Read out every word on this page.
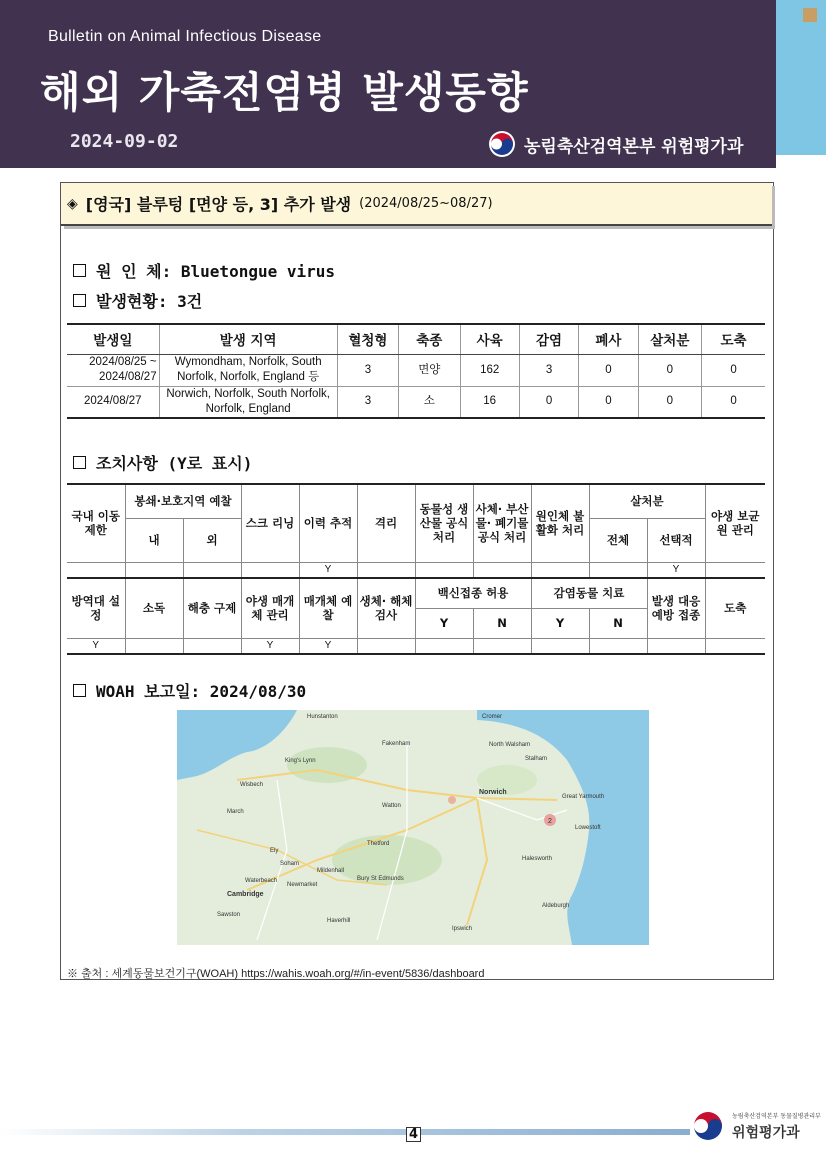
Bulletin on Animal Infectious Disease
해외 가축전염병 발생동향
2024-09-02	농림축산검역본부 위험평가과
◈ [영국] 블루텅 [면양 등, 3] 추가 발생 (2024/08/25~08/27)
원 인 체: Bluetongue virus
발생현황: 3건
발생일	발생 지역	혈청형	축종	사육	감염	폐사	살처분	도축
2024/08/25 ~ 2024/08/27	Wymondham, Norfolk, South Norfolk, Norfolk, England 등	3	면양	162	3	0	0	0
2024/08/27	Norwich, Norfolk, South Norfolk, Norfolk, England	3	소	16	0	0	0	0
조치사항 (Y로 표시)
국내 이동 제한	봉쇄·보호지역 예찰		스크 리닝	이력 추적	격리	동물성 생산물 공식 처리	사체· 부산물· 폐기물 공식 처리	원인체 불활화 처리	살처분		야생 보균원 관리
	내	외							전체	선택적	
				Y						Y	
방역대 설정	소독	해충 구제	야생 매개체 관리	매개체 예찰	생체· 해체 검사	백신접종 허용		감염동물 치료		발생 대응 예방 접종	도축
						Y	N	Y	N		
Y			Y	Y							
WOAH 보고일: 2024/08/30
2
Hunstanton	Cromer
Fakenham	North Walsham
King's Lynn	Stalham
Wisbech
Norwich
Great Yarmouth
March
Watton
Lowestoft
Thetford
Ely
Soham
Halesworth
Mildenhall
Bury St Edmunds
Newmarket
Cambridge
Aldeburgh
Haverhill
Sawston
Ipswich
Waterbeach
※ 출처 : 세계동물보건기구(WOAH) https://wahis.woah.org/#/in-event/5836/dashboard
4
농림축산검역본부 동물질병관리부
위험평가과
